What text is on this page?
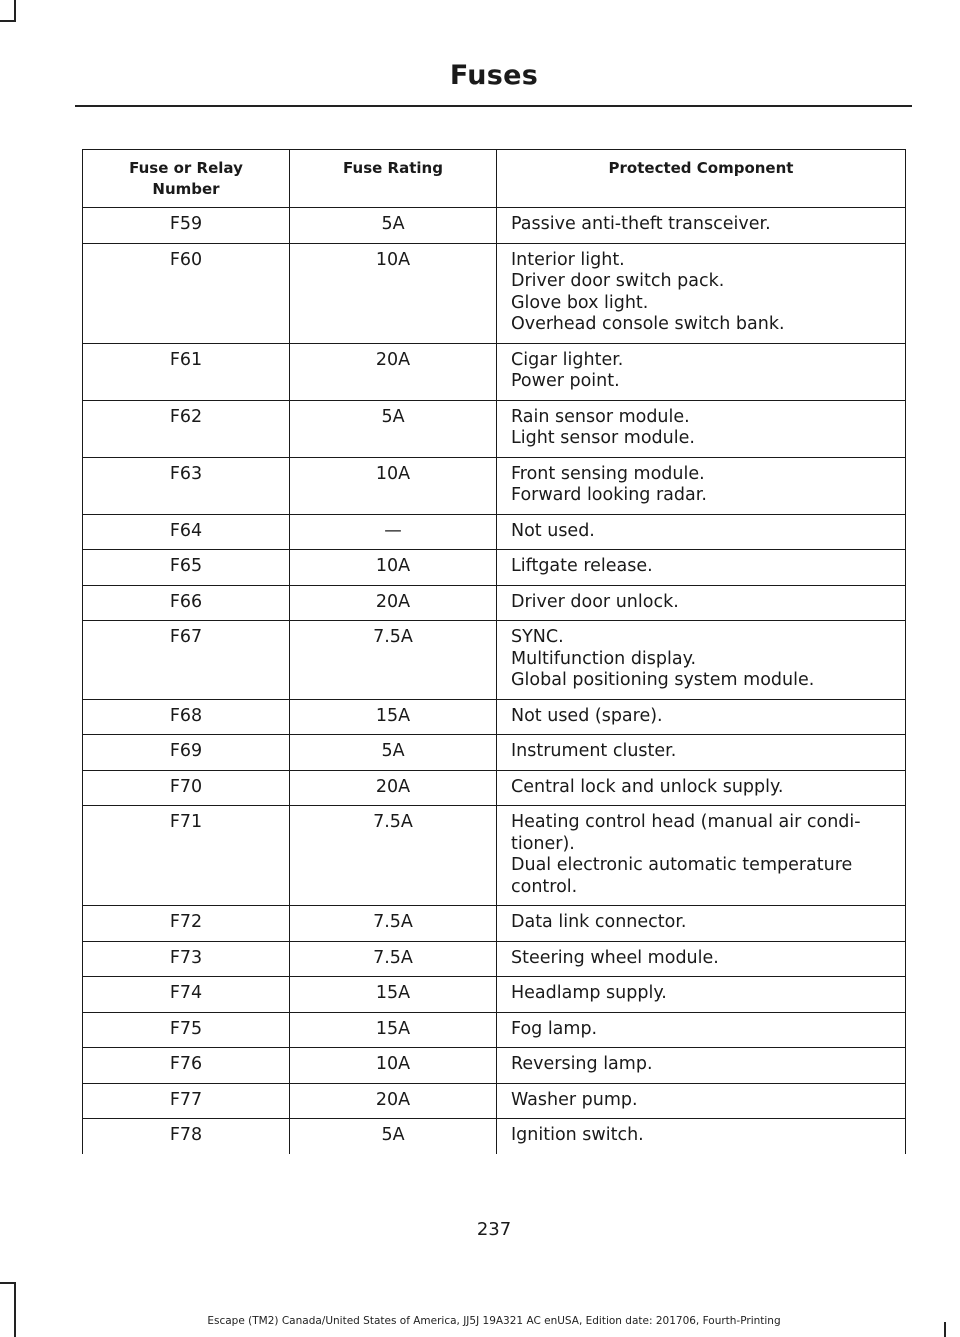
Fuses
Fuse or Relay Number	Fuse Rating	Protected Component
F59	5A	Passive anti-theft transceiver.

F60	10A	Interior light.
Driver door switch pack.
Glove box light.
Overhead console switch bank.

F61	20A	Cigar lighter.
Power point.

F62	5A	Rain sensor module.
Light sensor module.

F63	10A	Front sensing module.
Forward looking radar.

F64	—	Not used.

F65	10A	Liftgate release.

F66	20A	Driver door unlock.

F67	7.5A	SYNC.
Multifunction display.
Global positioning system module.

F68	15A	Not used (spare).

F69	5A	Instrument cluster.

F70	20A	Central lock and unlock supply.

F71	7.5A	Heating control head (manual air condi-
tioner).
Dual electronic automatic temperature
control.

F72	7.5A	Data link connector.

F73	7.5A	Steering wheel module.

F74	15A	Headlamp supply.

F75	15A	Fog lamp.

F76	10A	Reversing lamp.

F77	20A	Washer pump.

F78	5A	Ignition switch.
237
Escape (TM2) Canada/United States of America, JJ5J 19A321 AC enUSA, Edition date: 201706, Fourth-Printing
